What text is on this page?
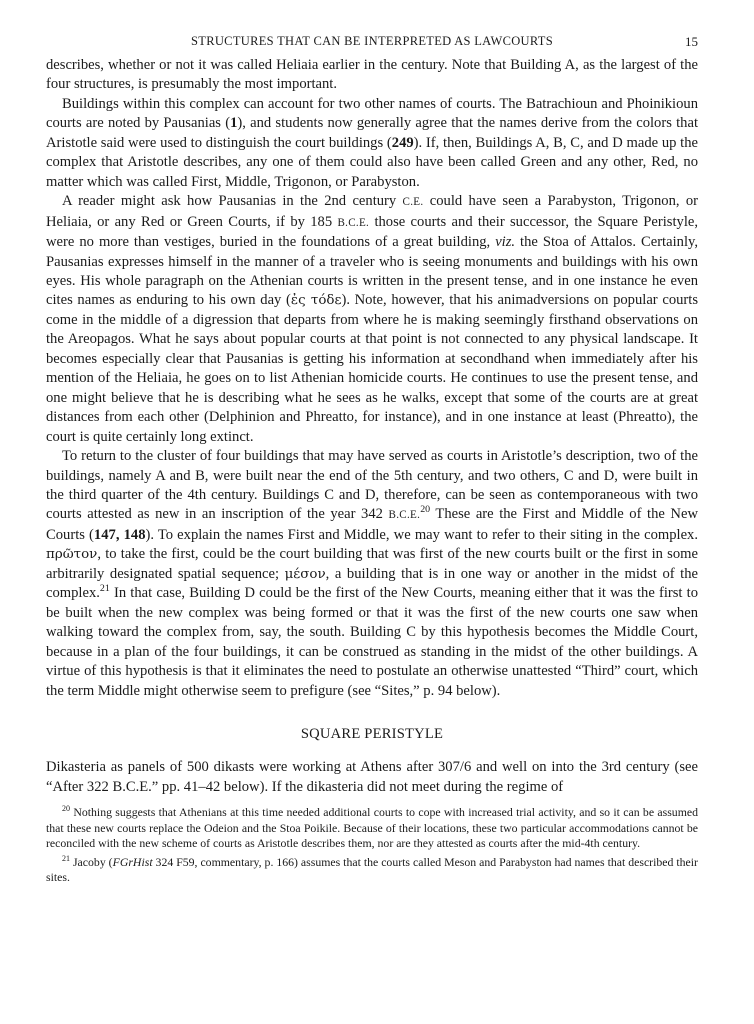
STRUCTURES THAT CAN BE INTERPRETED AS LAWCOURTS	15

describes, whether or not it was called Heliaia earlier in the century. Note that Building A, as the largest of the four structures, is presumably the most important.

Buildings within this complex can account for two other names of courts. The Batrachioun and Phoinikioun courts are noted by Pausanias (1), and students now generally agree that the names derive from the colors that Aristotle said were used to distinguish the court buildings (249). If, then, Buildings A, B, C, and D made up the complex that Aristotle describes, any one of them could also have been called Green and any other, Red, no matter which was called First, Middle, Trigonon, or Parabyston.

A reader might ask how Pausanias in the 2nd century C.E. could have seen a Parabyston, Trigonon, or Heliaia, or any Red or Green Courts, if by 185 B.C.E. those courts and their successor, the Square Peristyle, were no more than vestiges, buried in the foundations of a great building, viz. the Stoa of Attalos. Certainly, Pausanias expresses himself in the manner of a traveler who is seeing monuments and buildings with his own eyes. His whole paragraph on the Athenian courts is written in the present tense, and in one instance he even cites names as enduring to his own day (ἐς τόδε). Note, however, that his animadversions on popular courts come in the middle of a digression that departs from where he is making seemingly firsthand observations on the Areopagos. What he says about popular courts at that point is not connected to any physical landscape. It becomes especially clear that Pausanias is getting his information at secondhand when immediately after his mention of the Heliaia, he goes on to list Athenian homicide courts. He continues to use the present tense, and one might believe that he is describing what he sees as he walks, except that some of the courts are at great distances from each other (Delphinion and Phreatto, for instance), and in one instance at least (Phreatto), the court is quite certainly long extinct.

To return to the cluster of four buildings that may have served as courts in Aristotle’s description, two of the buildings, namely A and B, were built near the end of the 5th century, and two others, C and D, were built in the third quarter of the 4th century. Buildings C and D, therefore, can be seen as contemporaneous with two courts attested as new in an inscription of the year 342 B.C.E.$^{20}$ These are the First and Middle of the New Courts (147, 148). To explain the names First and Middle, we may want to refer to their siting in the complex. πρῶτον, to take the first, could be the court building that was first of the new courts built or the first in some arbitrarily designated spatial sequence; μέσον, a building that is in one way or another in the midst of the complex.$^{21}$ In that case, Building D could be the first of the New Courts, meaning either that it was the first to be built when the new complex was being formed or that it was the first of the new courts one saw when walking toward the complex from, say, the south. Building C by this hypothesis becomes the Middle Court, because in a plan of the four buildings, it can be construed as standing in the midst of the other buildings. A virtue of this hypothesis is that it eliminates the need to postulate an otherwise unattested “Third” court, which the term Middle might otherwise seem to prefigure (see “Sites,” p. 94 below).

SQUARE PERISTYLE

Dikasteria as panels of 500 dikasts were working at Athens after 307/6 and well on into the 3rd century (see “After 322 B.C.E.” pp. 41–42 below). If the dikasteria did not meet during the regime of

$^{20}$ Nothing suggests that Athenians at this time needed additional courts to cope with increased trial activity, and so it can be assumed that these new courts replace the Odeion and the Stoa Poikile. Because of their locations, these two particular accommodations cannot be reconciled with the new scheme of courts as Aristotle describes them, nor are they attested as courts after the mid-4th century.

$^{21}$ Jacoby (FGrHist 324 F59, commentary, p. 166) assumes that the courts called Meson and Parabyston had names that described their sites.
